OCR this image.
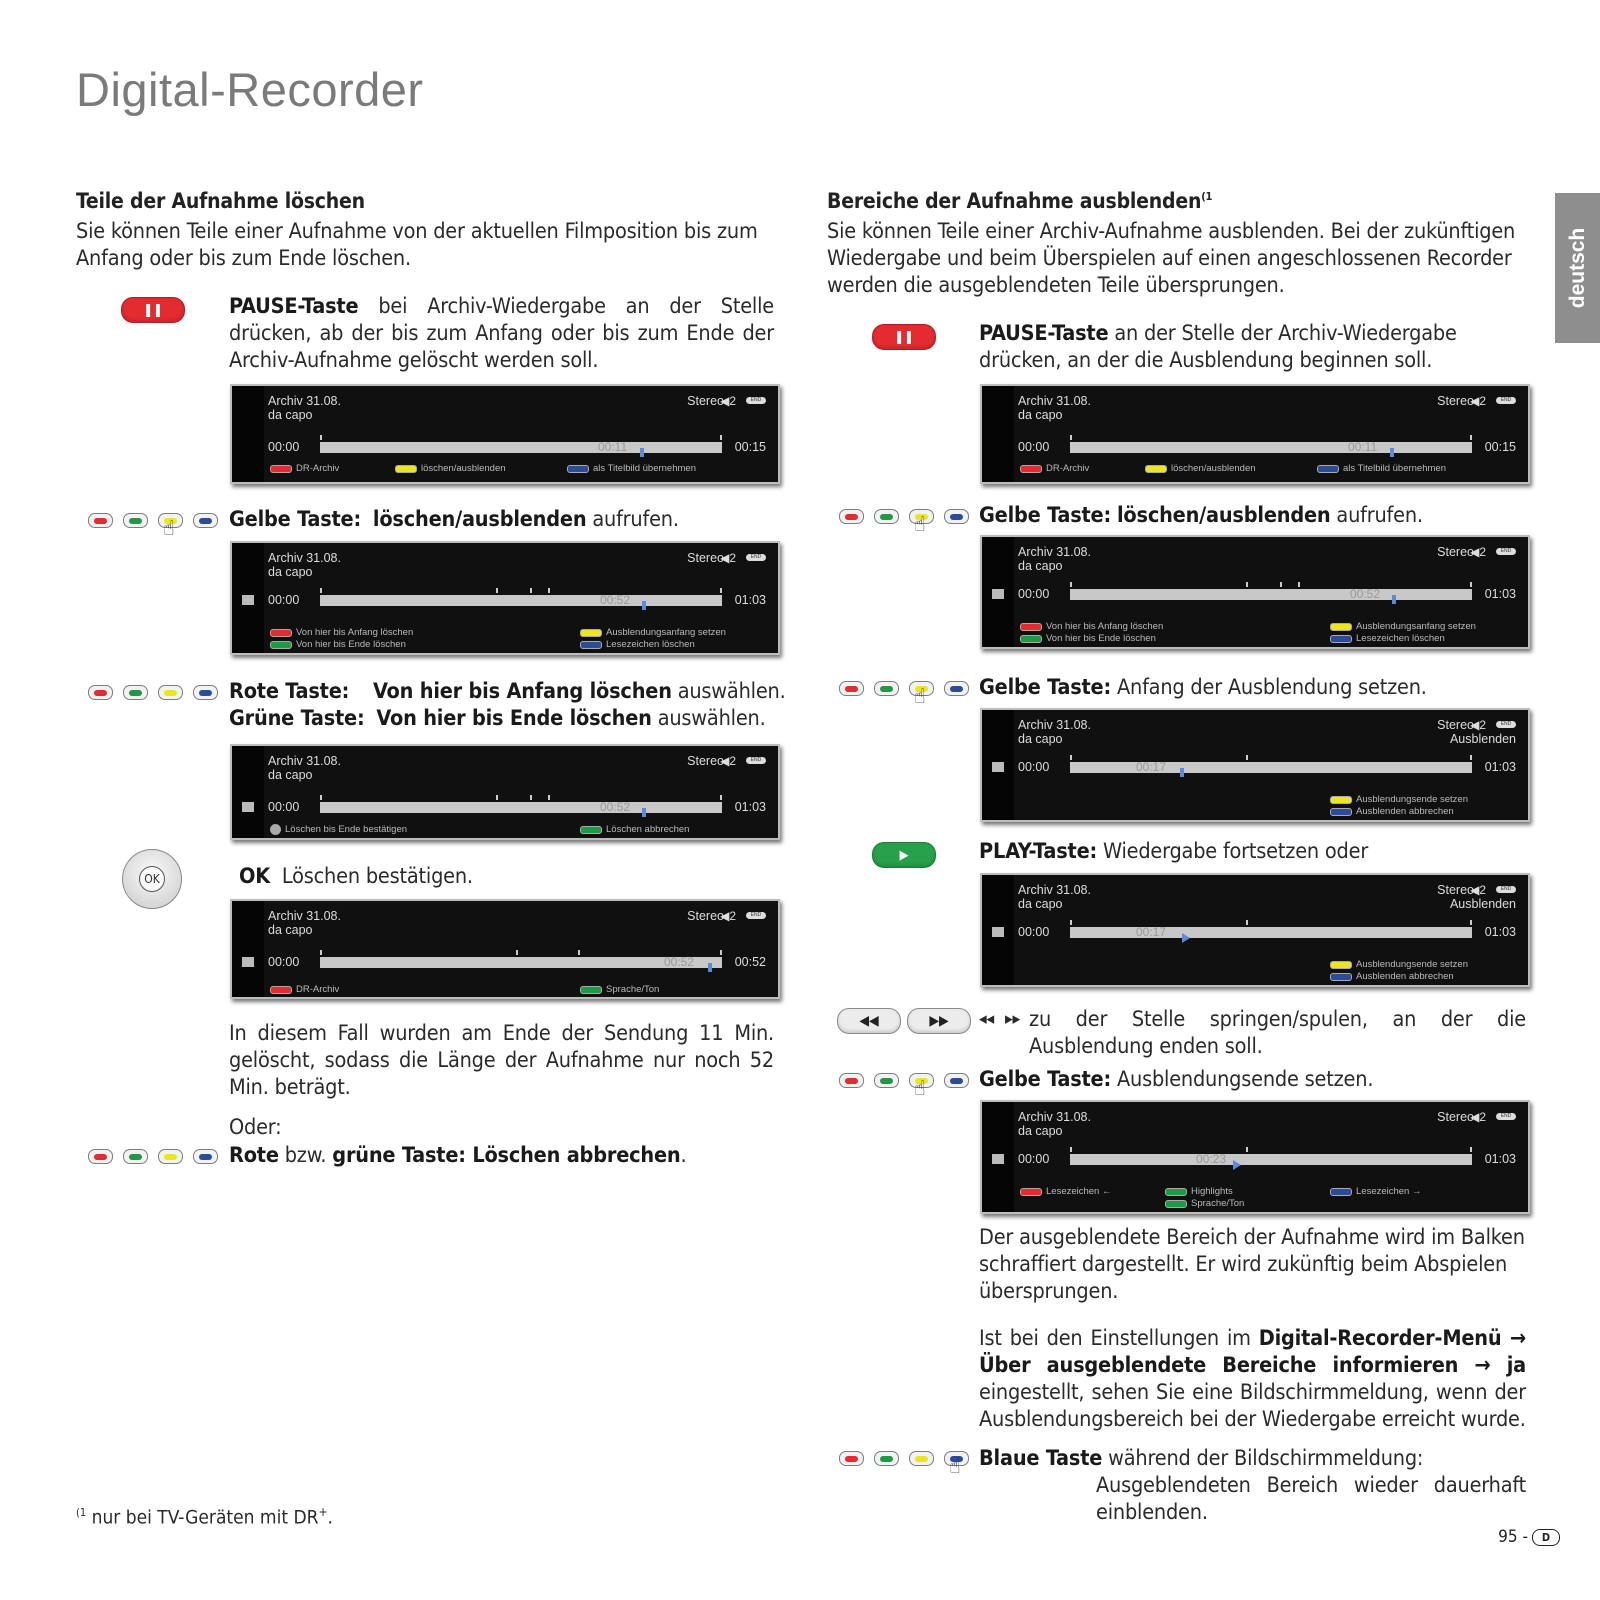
Digital-Recorder
deutsch
Teile der Aufnahme löschen
Sie können Teile einer Aufnahme von der aktuellen Filmposition bis zum Anfang oder bis zum Ende löschen.
❚❚	PAUSE-Taste bei Archiv-Wiedergabe an der Stelle drücken, ab der bis zum Anfang oder bis zum Ende der Archiv-Aufnahme gelöscht werden soll.
Archiv 31.08.
da capo
Stereo
◀2	END
00:00	00:15
00:11
DR-Archiv	löschen/ausblenden	als Titelbild übernehmen
☝	Gelbe Taste: löschen/ausblenden aufrufen.
Archiv 31.08.
da capo
Stereo
◀2	END
00:00	01:03
00:52
Von hier bis Anfang löschen
Von hier bis Ende löschen
Ausblendungsanfang setzen
Lesezeichen löschen
Rote Taste: Von hier bis Anfang löschen auswählen.
Grüne Taste: Von hier bis Ende löschen auswählen.
Archiv 31.08.
da capo
Stereo
◀2	END
00:00	01:03
00:52
Löschen bis Ende bestätigen	Löschen abbrechen
OK	OK Löschen bestätigen.
Archiv 31.08.
da capo
Stereo
◀2	END
00:00	00:52
00:52
DR-Archiv	Sprache/Ton
In diesem Fall wurden am Ende der Sendung 11 Min. gelöscht, sodass die Länge der Aufnahme nur noch 52 Min. beträgt.
Oder:
Rote bzw. grüne Taste: Löschen abbrechen.
$^{(1}$ nur bei TV-Geräten mit DR+.
Bereiche der Aufnahme ausblenden$^{(1}$
Sie können Teile einer Archiv-Aufnahme ausblenden. Bei der zukünftigen Wiedergabe und beim Überspielen auf einen angeschlossenen Recorder werden die ausgeblendeten Teile übersprungen.
❚❚	PAUSE-Taste an der Stelle der Archiv-Wiedergabe drücken, an der die Ausblendung beginnen soll.
Archiv 31.08.
da capo
Stereo
◀2	END
00:00	00:15
00:11
DR-Archiv	löschen/ausblenden	als Titelbild übernehmen
☝ Gelbe Taste: löschen/ausblenden aufrufen.
Archiv 31.08.
da capo
Stereo
◀2	END
00:00	01:03
00:52
Von hier bis Anfang löschen
Von hier bis Ende löschen
Ausblendungsanfang setzen
Lesezeichen löschen
☝ Gelbe Taste: Anfang der Ausblendung setzen.
Archiv 31.08.
da capo
Stereo
◀2	END
Ausblenden
00:00	01:03
00:17
Ausblendungsende setzen
Ausblenden abbrechen
▶	PLAY-Taste: Wiedergabe fortsetzen oder
Archiv 31.08.
da capo
Stereo
◀2	END
Ausblenden
00:00	01:03
00:17
Ausblendungsende setzen
Ausblenden abbrechen
◀◀	▶▶	◂◂ ▸▸ zu der Stelle springen/spulen, an der die Ausblendung enden soll.
☝ Gelbe Taste: Ausblendungsende setzen.
Archiv 31.08.
da capo
Stereo
◀2	END
00:00	01:03
00:23
Lesezeichen ←	Highlights
Sprache/Ton
Lesezeichen →
Der ausgeblendete Bereich der Aufnahme wird im Balken schraffiert dargestellt. Er wird zukünftig beim Abspielen übersprungen.
Ist bei den Einstellungen im Digital-Recorder-Menü → Über ausgeblendete Bereiche informieren → ja eingestellt, sehen Sie eine Bildschirmmeldung, wenn der Ausblendungsbereich bei der Wiedergabe erreicht wurde.
☝ Blaue Taste während der Bildschirmmeldung:
Ausgeblendeten Bereich wieder dauerhaft einblenden.
95 -	D
